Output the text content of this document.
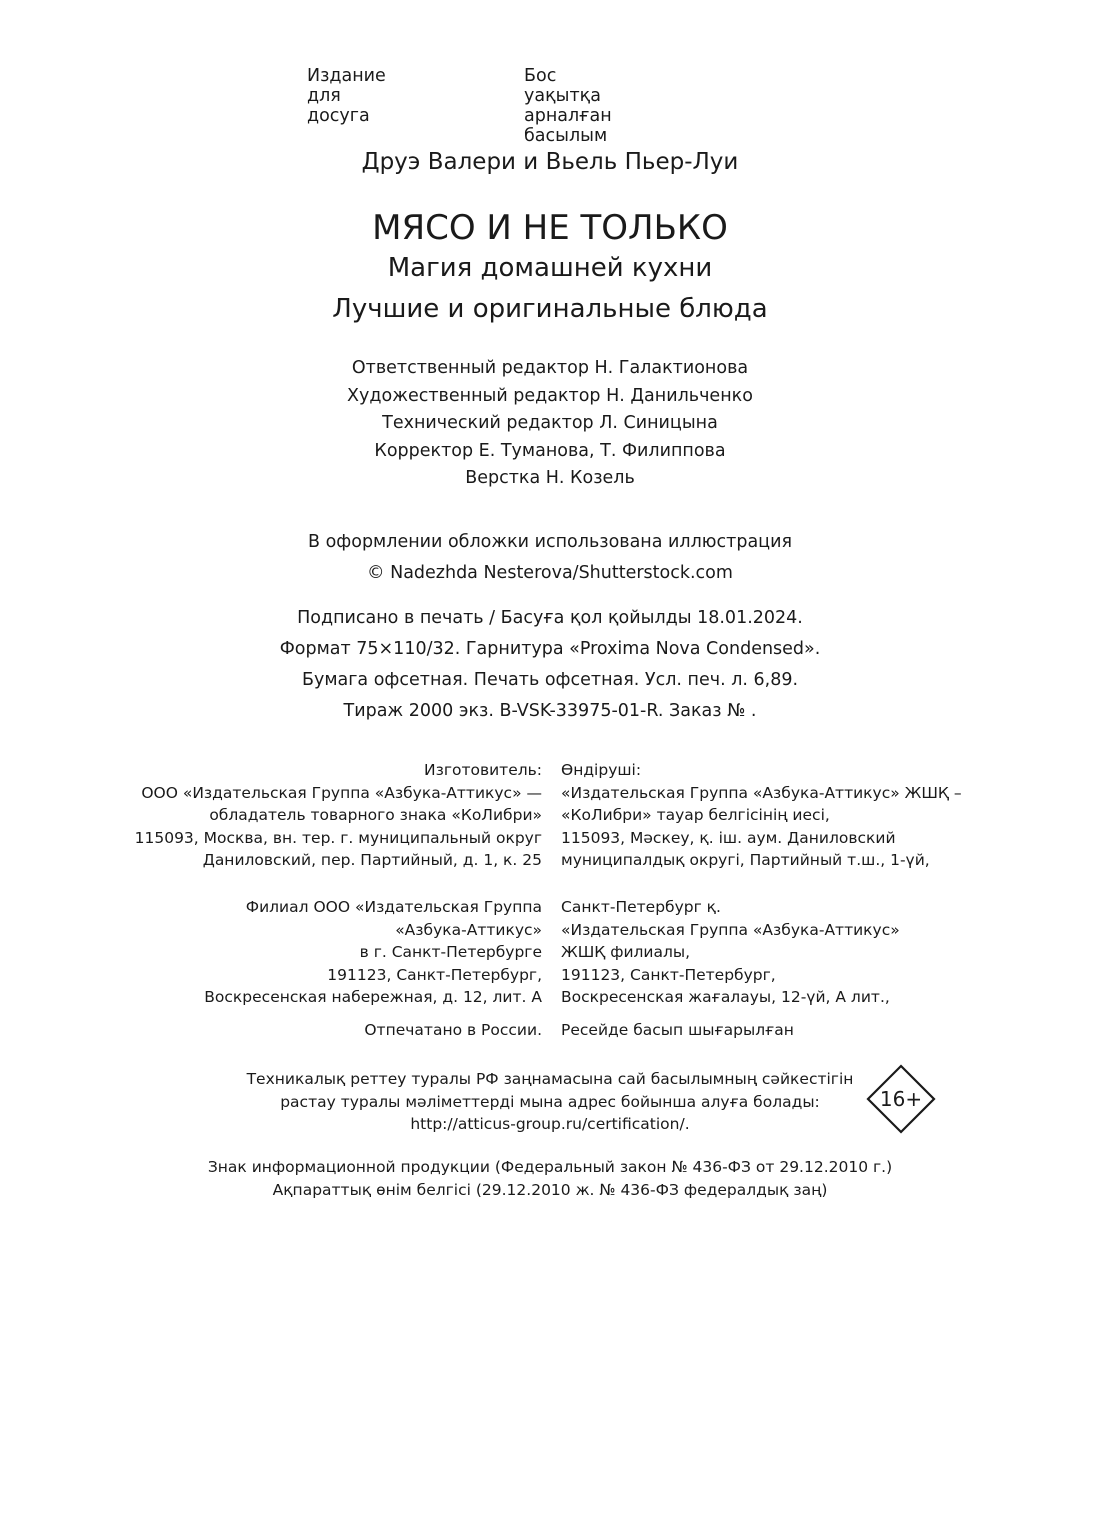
Издание для досуга
Бос уақытқа арналған басылым
Друэ Валери и Вьель Пьер-Луи
МЯСО И НЕ ТОЛЬКО
Магия домашней кухни
Лучшие и оригинальные блюда
Ответственный редактор Н. Галактионова
Художественный редактор Н. Данильченко
Технический редактор Л. Синицына
Корректор Е. Туманова, Т. Филиппова
Верстка Н. Козель
В оформлении обложки использована иллюстрация
© Nadezhda Nesterova/Shutterstock.com
Подписано в печать / Басуға қол қойылды 18.01.2024.
Формат 75×110/32. Гарнитура «Proxima Nova Condensed».
Бумага офсетная. Печать офсетная. Усл. печ. л. 6,89.
Тираж 2000 экз. B-VSK-33975-01-R. Заказ № .
Изготовитель:
ООО «Издательская Группа «Азбука-Аттикус» —
обладатель товарного знака «КоЛибри»
115093, Москва, вн. тер. г. муниципальный округ
Даниловский, пер. Партийный, д. 1, к. 25
Өндіруші:
«Издательская Группа «Азбука-Аттикус» ЖШҚ –
«КоЛибри» тауар белгісінің иесі,
115093, Мәскеу, қ. іш. аум. Даниловский
муниципалдық округі, Партийный т.ш., 1-үй,
Филиал ООО «Издательская Группа
«Азбука-Аттикус»
в г. Санкт-Петербурге
191123, Санкт-Петербург,
Воскресенская набережная, д. 12, лит. А
Санкт-Петербург қ.
«Издательская Группа «Азбука-Аттикус»
ЖШҚ филиалы,
191123, Санкт-Петербург,
Воскресенская жағалауы, 12-үй, А лит.,
Отпечатано в России. Ресейде басып шығарылған
Техникалық реттеу туралы РФ заңнамасына сай басылымның сәйкестігін
растау туралы мәліметтерді мына адрес бойынша алуға болады:
http://atticus-group.ru/certification/.
16+
Знак информационной продукции (Федеральный закон № 436-ФЗ от 29.12.2010 г.)
Ақпараттық өнім белгісі (29.12.2010 ж. № 436-ФЗ федералдық заң)
